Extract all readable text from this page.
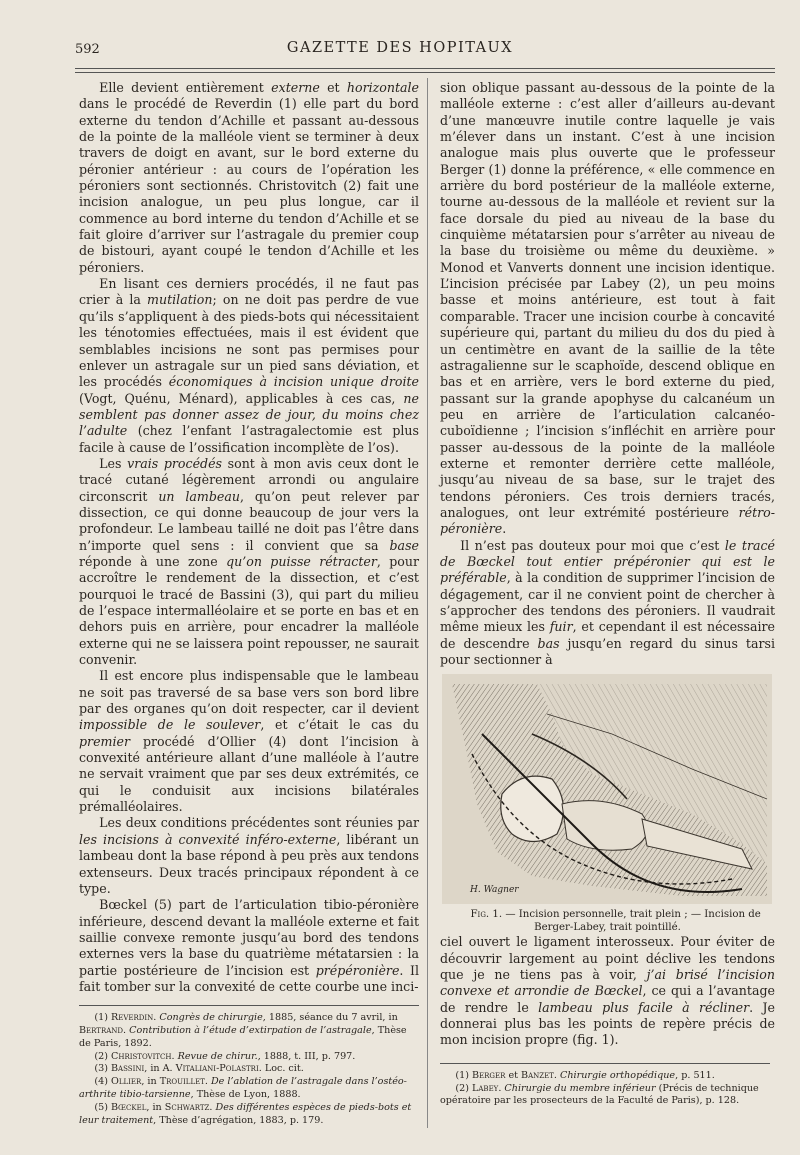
592	GAZETTE DES HOPITAUX

Elle devient entièrement externe et horizontale dans le procédé de Reverdin (1) elle part du bord externe du tendon d’Achille et passant au-dessous de la pointe de la malléole vient se terminer à deux travers de doigt en avant, sur le bord externe du péronier antérieur : au cours de l’opération les péroniers sont sectionnés. Christovitch (2) fait une incision analogue, un peu plus longue, car il commence au bord interne du tendon d’Achille et se fait gloire d’arriver sur l’astragale du premier coup de bistouri, ayant coupé le tendon d’Achille et les péroniers.

En lisant ces derniers procédés, il ne faut pas crier à la mutilation; on ne doit pas perdre de vue qu’ils s’appliquent à des pieds-bots qui nécessitaient les ténotomies effectuées, mais il est évident que semblables incisions ne sont pas permises pour enlever un astragale sur un pied sans déviation, et les procédés économiques à incision unique droite (Vogt, Quénu, Ménard), applicables à ces cas, ne semblent pas donner assez de jour, du moins chez l’adulte (chez l’enfant l’astragalectomie est plus facile à cause de l’ossification incomplète de l’os).

Les vrais procédés sont à mon avis ceux dont le tracé cutané légèrement arrondi ou angulaire circonscrit un lambeau, qu’on peut relever par dissection, ce qui donne beaucoup de jour vers la profondeur. Le lambeau taillé ne doit pas l’être dans n’importe quel sens : il convient que sa base réponde à une zone qu’on puisse rétracter, pour accroître le rendement de la dissection, et c’est pourquoi le tracé de Bassini (3), qui part du milieu de l’espace intermalléolaire et se porte en bas et en dehors puis en arrière, pour encadrer la malléole externe qui ne se laissera point repousser, ne saurait convenir.

Il est encore plus indispensable que le lambeau ne soit pas traversé de sa base vers son bord libre par des organes qu’on doit respecter, car il devient impossible de le soulever, et c’était le cas du premier procédé d’Ollier (4) dont l’incision à convexité antérieure allant d’une malléole à l’autre ne servait vraiment que par ses deux extrémités, ce qui le conduisit aux incisions bilatérales prémalléolaires.

Les deux conditions précédentes sont réunies par les incisions à convexité inféro-externe, libérant un lambeau dont la base répond à peu près aux tendons extenseurs. Deux tracés principaux répondent à ce type.

Bœckel (5) part de l’articulation tibio-péronière inférieure, descend devant la malléole externe et fait saillie convexe remonte jusqu’au bord des tendons externes vers la base du quatrième métatarsien : la partie postérieure de l’incision est prépéronière. Il fait tomber sur la convexité de cette courbe une inci-

(1) Reverdin. Congrès de chirurgie, 1885, séance du 7 avril, in Bertrand. Contribution à l’étude d’extirpation de l’astragale, Thèse de Paris, 1892.

(2) Christovitch. Revue de chirur., 1888, t. III, p. 797.

(3) Bassini, in A. Vitaliani-Polastri. Loc. cit.

(4) Ollier, in Trouillet. De l’ablation de l’astragale dans l’ostéo-arthrite tibio-tarsienne, Thèse de Lyon, 1888.

(5) Bœckel, in Schwartz. Des différentes espèces de pieds-bots et leur traitement, Thèse d’agrégation, 1883, p. 179.

sion oblique passant au-dessous de la pointe de la malléole externe : c’est aller d’ailleurs au-devant d’une manœuvre inutile contre laquelle je vais m’élever dans un instant. C’est à une incision analogue mais plus ouverte que le professeur Berger (1) donne la préférence, « elle commence en arrière du bord postérieur de la malléole externe, tourne au-dessous de la malléole et revient sur la face dorsale du pied au niveau de la base du cinquième métatarsien pour s’arrêter au niveau de la base du troisième ou même du deuxième. » Monod et Vanverts donnent une incision identique. L’incision précisée par Labey (2), un peu moins basse et moins antérieure, est tout à fait comparable. Tracer une incision courbe à concavité supérieure qui, partant du milieu du dos du pied à un centimètre en avant de la saillie de la tête astragalienne sur le scaphoïde, descend oblique en bas et en arrière, vers le bord externe du pied, passant sur la grande apophyse du calcanéum un peu en arrière de l’articulation calcanéo-cuboïdienne ; l’incision s’infléchit en arrière pour passer au-dessous de la pointe de la malléole externe et remonter derrière cette malléole, jusqu’au niveau de sa base, sur le trajet des tendons péroniers. Ces trois derniers tracés, analogues, ont leur extrémité postérieure rétro-péronière.

Il n’est pas douteux pour moi que c’est le tracé de Bœckel tout entier prépéronier qui est le préférable, à la condition de supprimer l’incision de dégagement, car il ne convient point de chercher à s’approcher des tendons des péroniers. Il vaudrait même mieux les fuir, et cependant il est nécessaire de descendre bas jusqu’en regard du sinus tarsi pour sectionner à

H. Wagner

Fig. 1. — Incision personnelle, trait plein ; — Incision de Berger-Labey, trait pointillé.

ciel ouvert le ligament interosseux. Pour éviter de découvrir largement au point déclive les tendons que je ne tiens pas à voir, j’ai brisé l’incision convexe et arrondie de Bœckel, ce qui a l’avantage de rendre le lambeau plus facile à récliner. Je donnerai plus bas les points de repère précis de mon incision propre (fig. 1).

(1) Berger et Banzet. Chirurgie orthopédique, p. 511.

(2) Labey. Chirurgie du membre inférieur (Précis de technique opératoire par les prosecteurs de la Faculté de Paris), p. 128.
